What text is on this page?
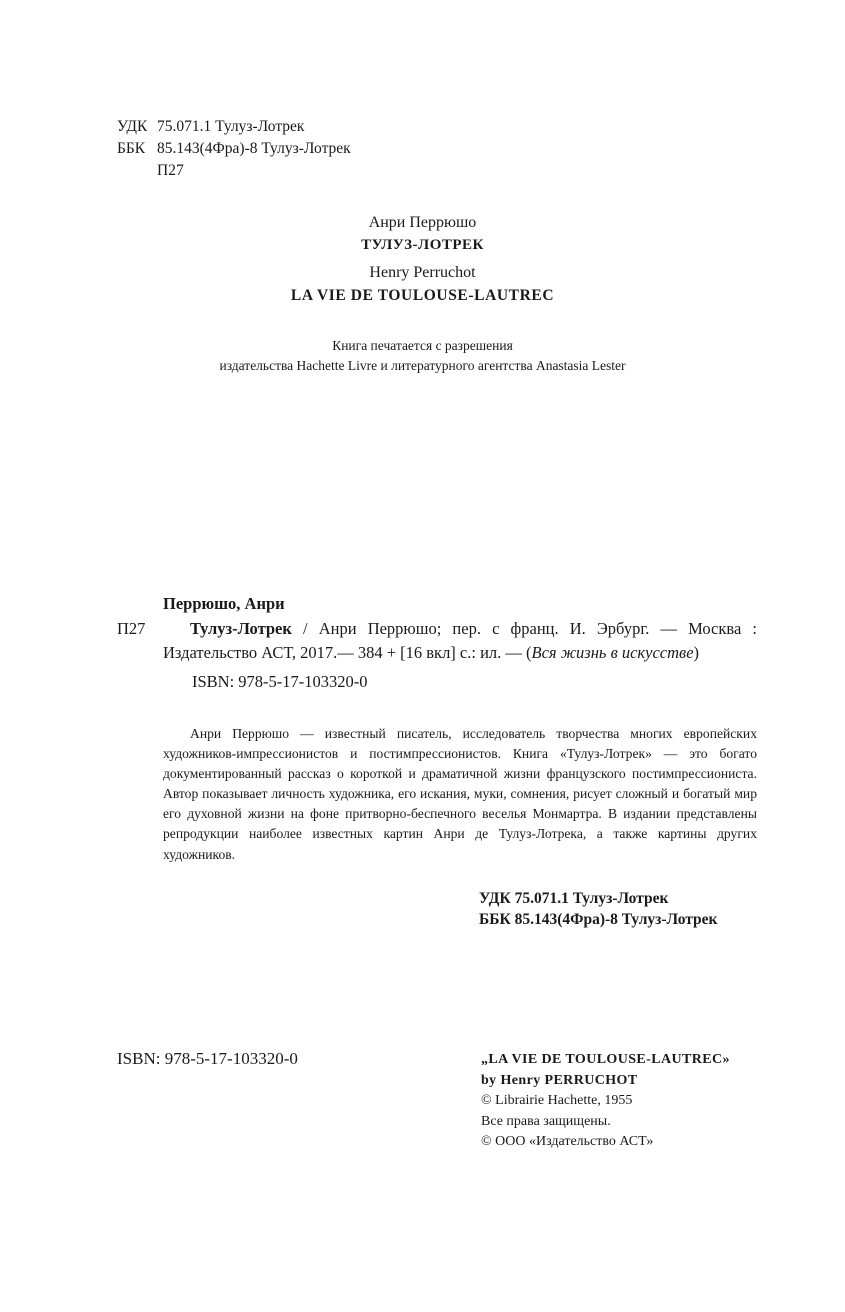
УДК 75.071.1 Тулуз-Лотрек
ББК 85.143(4Фра)-8 Тулуз-Лотрек
П27
Анри Перрюшо
ТУЛУЗ-ЛОТРЕК
Henry Perruchot
LA VIE DE TOULOUSE-LAUTREC
Книга печатается с разрешения
издательства Hachette Livre и литературного агентства Anastasia Lester
Перрюшо, Анри
П27	Тулуз-Лотрек / Анри Перрюшо; пер. с франц. И. Эрбург. — Москва : Издательство АСТ, 2017.— 384 + [16 вкл] с.: ил. — (Вся жизнь в искусстве)
ISBN: 978-5-17-103320-0
Анри Перрюшо — известный писатель, исследователь творчества многих европейских художников-импрессионистов и постимпрессионистов. Книга «Тулуз-Лотрек» — это богато документированный рассказ о короткой и драматичной жизни французского постимпрессиониста. Автор показывает личность художника, его искания, муки, сомнения, рисует сложный и богатый мир его духовной жизни на фоне притворно-беспечного веселья Монмартра. В издании представлены репродукции наиболее известных картин Анри де Тулуз-Лотрека, а также картины других художников.
УДК 75.071.1 Тулуз-Лотрек
ББК 85.143(4Фра)-8 Тулуз-Лотрек
ISBN: 978-5-17-103320-0	„LA VIE DE TOULOUSE-LAUTREC»
by Henry PERRUCHOT
© Librairie Hachette, 1955
Все права защищены.
© ООО «Издательство АСТ»
